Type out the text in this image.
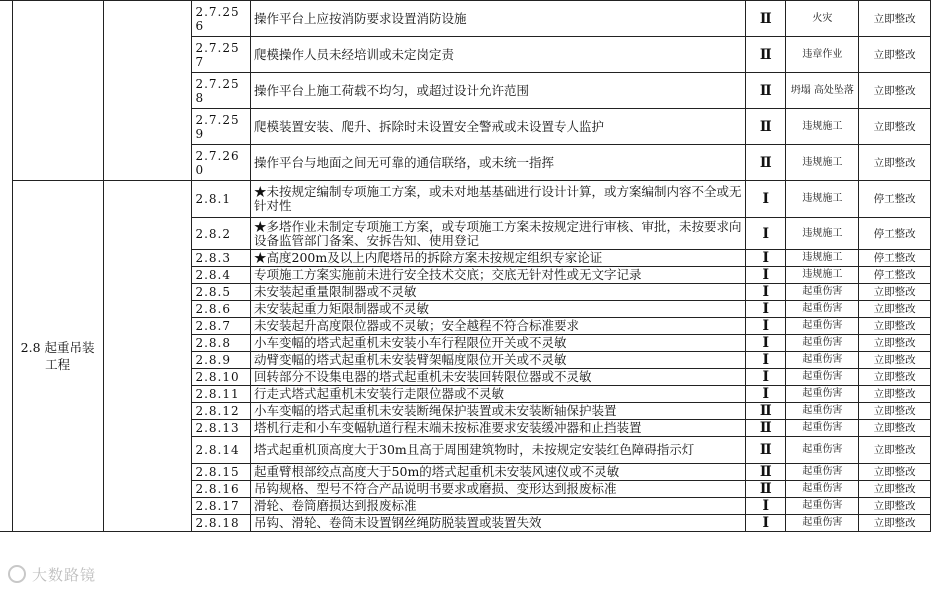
			2.7.256	操作平台上应按消防要求设置消防设施	Ⅱ	火灾	立即整改
			2.7.257	爬模操作人员未经培训或未定岗定责	Ⅱ	违章作业	立即整改
			2.7.258	操作平台上施工荷载不均匀，或超过设计允许范围	Ⅱ	坍塌 高处坠落	立即整改
			2.7.259	爬模装置安装、爬升、拆除时未设置安全警戒或未设置专人监护	Ⅱ	违规施工	立即整改
			2.7.260	操作平台与地面之间无可靠的通信联络，或未统一指挥	Ⅱ	违规施工	立即整改
	2.8 起重吊装工程		2.8.1	★未按规定编制专项施工方案，或未对地基基础进行设计计算，或方案编制内容不全或无针对性	Ⅰ	违规施工	停工整改
			2.8.2	★多塔作业未制定专项施工方案，或专项施工方案未按规定进行审核、审批，未按要求向设备监管部门备案、安拆告知、使用登记	Ⅰ	违规施工	停工整改
			2.8.3	★高度200m及以上内爬塔吊的拆除方案未按规定组织专家论证	Ⅰ	违规施工	停工整改
			2.8.4	专项施工方案实施前未进行安全技术交底；交底无针对性或无文字记录	Ⅰ	违规施工	停工整改
			2.8.5	未安装起重量限制器或不灵敏	Ⅰ	起重伤害	立即整改
			2.8.6	未安装起重力矩限制器或不灵敏	Ⅰ	起重伤害	立即整改
			2.8.7	未安装起升高度限位器或不灵敏；安全越程不符合标准要求	Ⅰ	起重伤害	立即整改
			2.8.8	小车变幅的塔式起重机未安装小车行程限位开关或不灵敏	Ⅰ	起重伤害	立即整改
			2.8.9	动臂变幅的塔式起重机未安装臂架幅度限位开关或不灵敏	Ⅰ	起重伤害	立即整改
			2.8.10	回转部分不设集电器的塔式起重机未安装回转限位器或不灵敏	Ⅰ	起重伤害	立即整改
			2.8.11	行走式塔式起重机未安装行走限位器或不灵敏	Ⅰ	起重伤害	立即整改
			2.8.12	小车变幅的塔式起重机未安装断绳保护装置或未安装断轴保护装置	Ⅱ	起重伤害	立即整改
			2.8.13	塔机行走和小车变幅轨道行程末端未按标准要求安装缓冲器和止挡装置	Ⅱ	起重伤害	立即整改
			2.8.14	塔式起重机顶高度大于30m且高于周围建筑物时，未按规定安装红色障碍指示灯	Ⅱ	起重伤害	立即整改
			2.8.15	起重臂根部绞点高度大于50m的塔式起重机未安装风速仪或不灵敏	Ⅱ	起重伤害	立即整改
			2.8.16	吊钩规格、型号不符合产品说明书要求或磨损、变形达到报废标准	Ⅱ	起重伤害	立即整改
			2.8.17	滑轮、卷筒磨损达到报废标准	Ⅰ	起重伤害	立即整改
			2.8.18	吊钩、滑轮、卷筒未设置钢丝绳防脱装置或装置失效	Ⅰ	起重伤害	立即整改
大数路镜
